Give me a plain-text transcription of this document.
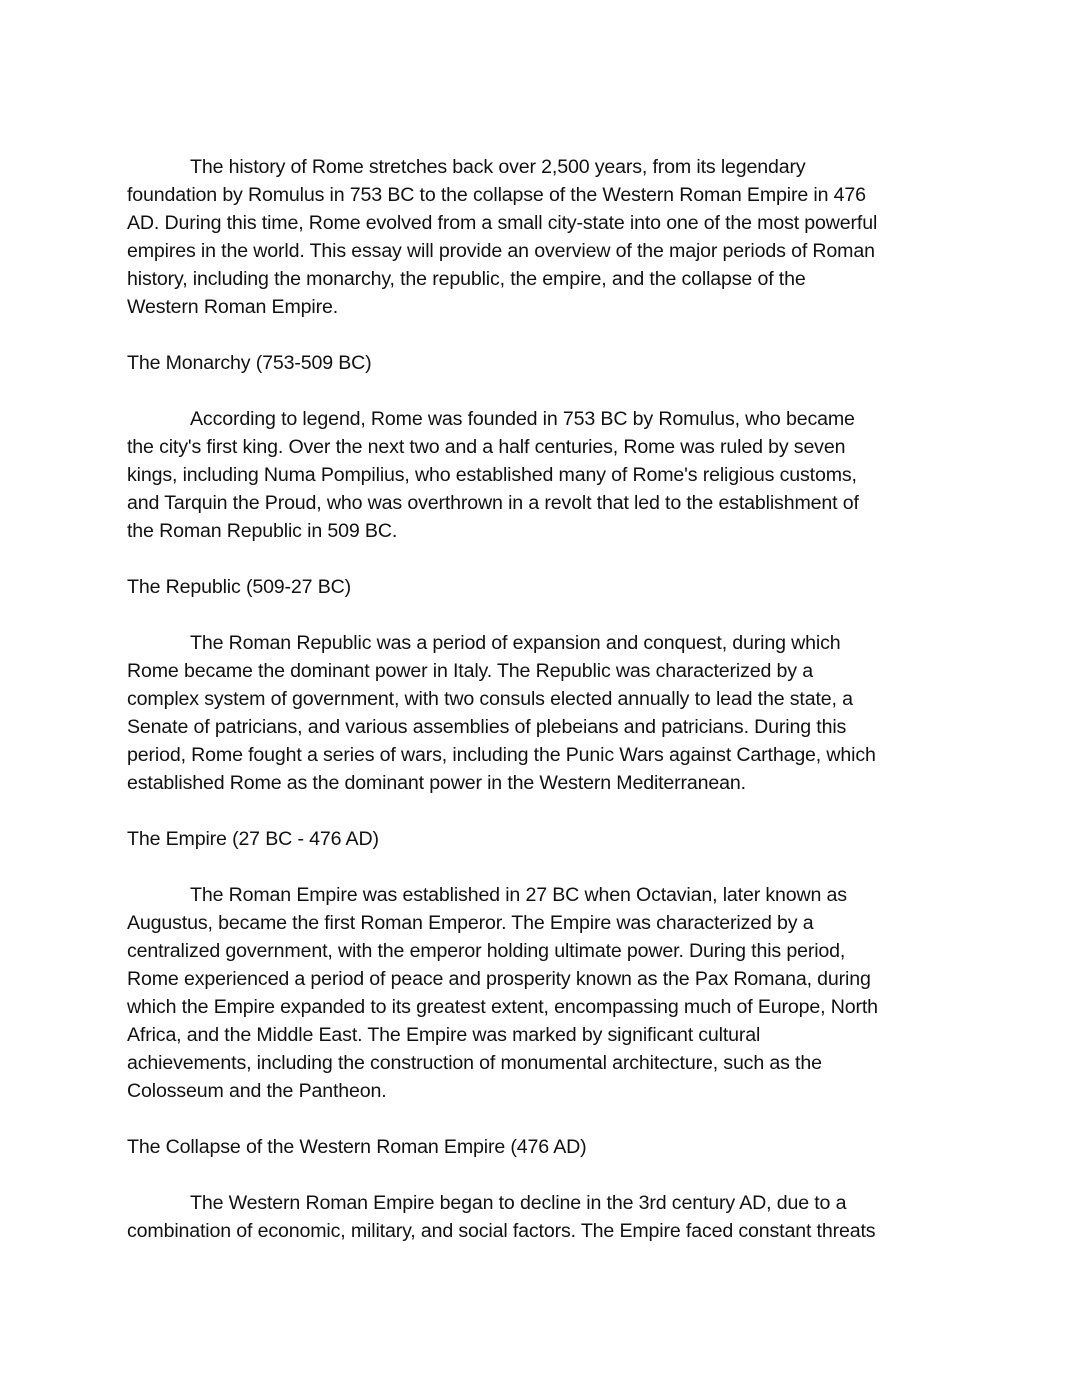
The history of Rome stretches back over 2,500 years, from its legendary
foundation by Romulus in 753 BC to the collapse of the Western Roman Empire in 476
AD. During this time, Rome evolved from a small city-state into one of the most powerful
empires in the world. This essay will provide an overview of the major periods of Roman
history, including the monarchy, the republic, the empire, and the collapse of the
Western Roman Empire.

The Monarchy (753-509 BC)

According to legend, Rome was founded in 753 BC by Romulus, who became
the city's first king. Over the next two and a half centuries, Rome was ruled by seven
kings, including Numa Pompilius, who established many of Rome's religious customs,
and Tarquin the Proud, who was overthrown in a revolt that led to the establishment of
the Roman Republic in 509 BC.

The Republic (509-27 BC)

The Roman Republic was a period of expansion and conquest, during which
Rome became the dominant power in Italy. The Republic was characterized by a
complex system of government, with two consuls elected annually to lead the state, a
Senate of patricians, and various assemblies of plebeians and patricians. During this
period, Rome fought a series of wars, including the Punic Wars against Carthage, which
established Rome as the dominant power in the Western Mediterranean.

The Empire (27 BC - 476 AD)

The Roman Empire was established in 27 BC when Octavian, later known as
Augustus, became the first Roman Emperor. The Empire was characterized by a
centralized government, with the emperor holding ultimate power. During this period,
Rome experienced a period of peace and prosperity known as the Pax Romana, during
which the Empire expanded to its greatest extent, encompassing much of Europe, North
Africa, and the Middle East. The Empire was marked by significant cultural
achievements, including the construction of monumental architecture, such as the
Colosseum and the Pantheon.

The Collapse of the Western Roman Empire (476 AD)

The Western Roman Empire began to decline in the 3rd century AD, due to a
combination of economic, military, and social factors. The Empire faced constant threats
